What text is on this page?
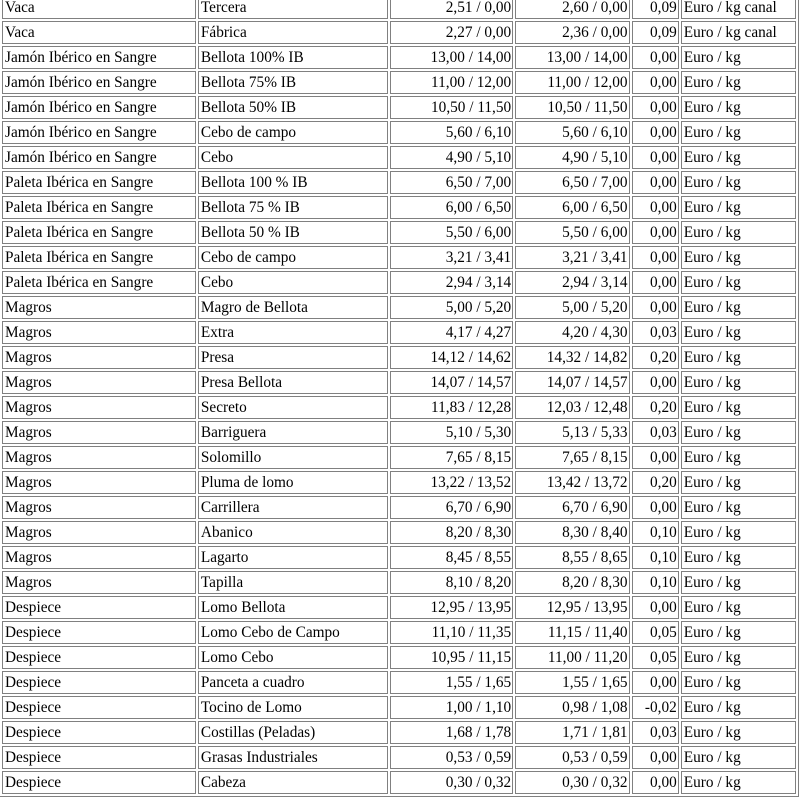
Vaca	Tercera	2,51 / 0,00	2,60 / 0,00	0,09	Euro / kg canal
Vaca	Fábrica	2,27 / 0,00	2,36 / 0,00	0,09	Euro / kg canal
Jamón Ibérico en Sangre	Bellota 100% IB	13,00 / 14,00	13,00 / 14,00	0,00	Euro / kg
Jamón Ibérico en Sangre	Bellota 75% IB	11,00 / 12,00	11,00 / 12,00	0,00	Euro / kg
Jamón Ibérico en Sangre	Bellota 50% IB	10,50 / 11,50	10,50 / 11,50	0,00	Euro / kg
Jamón Ibérico en Sangre	Cebo de campo	5,60 / 6,10	5,60 / 6,10	0,00	Euro / kg
Jamón Ibérico en Sangre	Cebo	4,90 / 5,10	4,90 / 5,10	0,00	Euro / kg
Paleta Ibérica en Sangre	Bellota 100 % IB	6,50 / 7,00	6,50 / 7,00	0,00	Euro / kg
Paleta Ibérica en Sangre	Bellota 75 % IB	6,00 / 6,50	6,00 / 6,50	0,00	Euro / kg
Paleta Ibérica en Sangre	Bellota 50 % IB	5,50 / 6,00	5,50 / 6,00	0,00	Euro / kg
Paleta Ibérica en Sangre	Cebo de campo	3,21 / 3,41	3,21 / 3,41	0,00	Euro / kg
Paleta Ibérica en Sangre	Cebo	2,94 / 3,14	2,94 / 3,14	0,00	Euro / kg
Magros	Magro de Bellota	5,00 / 5,20	5,00 / 5,20	0,00	Euro / kg
Magros	Extra	4,17 / 4,27	4,20 / 4,30	0,03	Euro / kg
Magros	Presa	14,12 / 14,62	14,32 / 14,82	0,20	Euro / kg
Magros	Presa Bellota	14,07 / 14,57	14,07 / 14,57	0,00	Euro / kg
Magros	Secreto	11,83 / 12,28	12,03 / 12,48	0,20	Euro / kg
Magros	Barriguera	5,10 / 5,30	5,13 / 5,33	0,03	Euro / kg
Magros	Solomillo	7,65 / 8,15	7,65 / 8,15	0,00	Euro / kg
Magros	Pluma de lomo	13,22 / 13,52	13,42 / 13,72	0,20	Euro / kg
Magros	Carrillera	6,70 / 6,90	6,70 / 6,90	0,00	Euro / kg
Magros	Abanico	8,20 / 8,30	8,30 / 8,40	0,10	Euro / kg
Magros	Lagarto	8,45 / 8,55	8,55 / 8,65	0,10	Euro / kg
Magros	Tapilla	8,10 / 8,20	8,20 / 8,30	0,10	Euro / kg
Despiece	Lomo Bellota	12,95 / 13,95	12,95 / 13,95	0,00	Euro / kg
Despiece	Lomo Cebo de Campo	11,10 / 11,35	11,15 / 11,40	0,05	Euro / kg
Despiece	Lomo Cebo	10,95 / 11,15	11,00 / 11,20	0,05	Euro / kg
Despiece	Panceta a cuadro	1,55 / 1,65	1,55 / 1,65	0,00	Euro / kg
Despiece	Tocino de Lomo	1,00 / 1,10	0,98 / 1,08	-0,02	Euro / kg
Despiece	Costillas (Peladas)	1,68 / 1,78	1,71 / 1,81	0,03	Euro / kg
Despiece	Grasas Industriales	0,53 / 0,59	0,53 / 0,59	0,00	Euro / kg
Despiece	Cabeza	0,30 / 0,32	0,30 / 0,32	0,00	Euro / kg
